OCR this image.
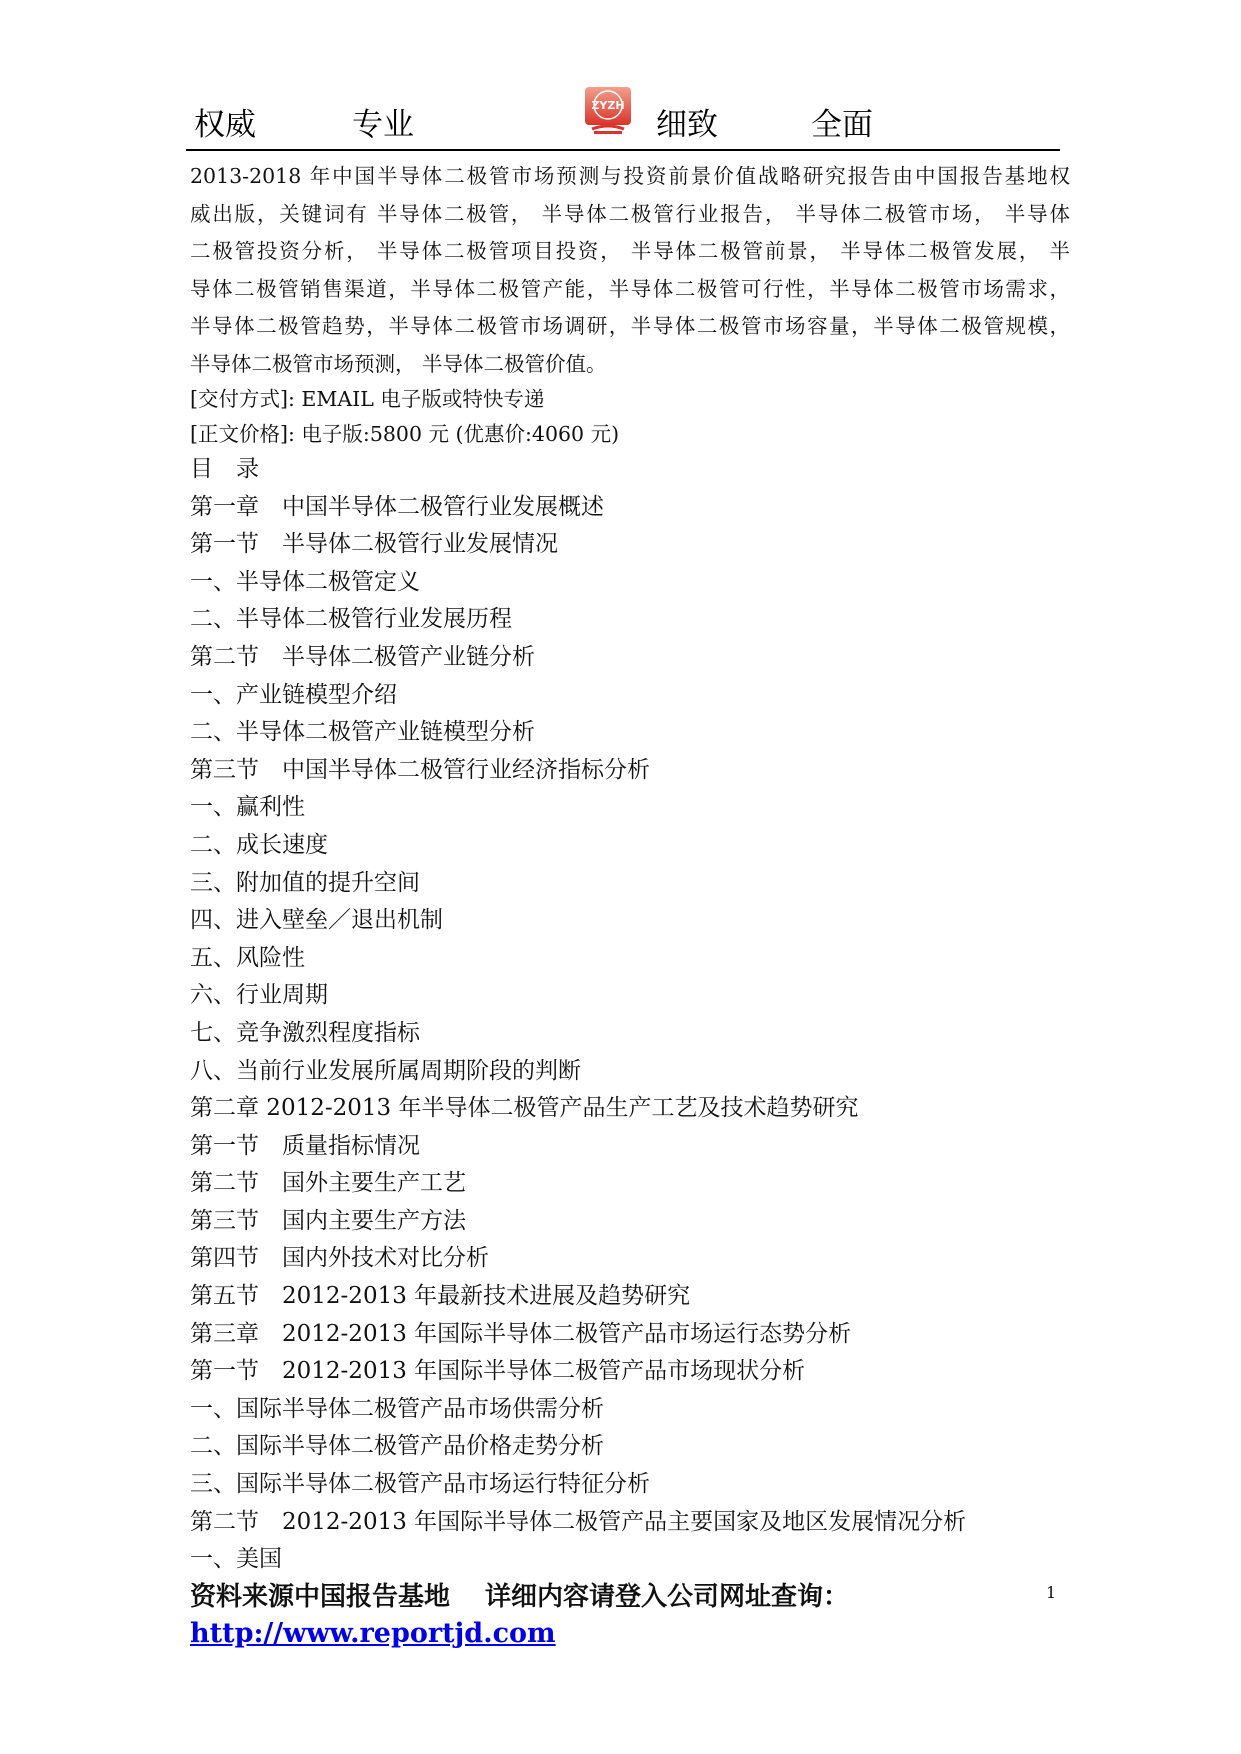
权威	专业
ZYZH
细致	全面
2013-2018 年中国半导体二极管市场预测与投资前景价值战略研究报告由中国报告基地权
威出版，关键词有 半导体二极管， 半导体二极管行业报告， 半导体二极管市场， 半导体
二极管投资分析， 半导体二极管项目投资， 半导体二极管前景， 半导体二极管发展， 半
导体二极管销售渠道，半导体二极管产能，半导体二极管可行性，半导体二极管市场需求，
半导体二极管趋势，半导体二极管市场调研，半导体二极管市场容量，半导体二极管规模，
半导体二极管市场预测， 半导体二极管价值。
[交付方式]: EMAIL 电子版或特快专递
[正文价格]: 电子版:5800 元 (优惠价:4060 元)
目　录
第一章　中国半导体二极管行业发展概述
第一节　半导体二极管行业发展情况
一、半导体二极管定义
二、半导体二极管行业发展历程
第二节　半导体二极管产业链分析
一、产业链模型介绍
二、半导体二极管产业链模型分析
第三节　中国半导体二极管行业经济指标分析
一、赢利性
二、成长速度
三、附加值的提升空间
四、进入壁垒／退出机制
五、风险性
六、行业周期
七、竞争激烈程度指标
八、当前行业发展所属周期阶段的判断
第二章 2012-2013 年半导体二极管产品生产工艺及技术趋势研究
第一节　质量指标情况
第二节　国外主要生产工艺
第三节　国内主要生产方法
第四节　国内外技术对比分析
第五节　2012-2013 年最新技术进展及趋势研究
第三章　2012-2013 年国际半导体二极管产品市场运行态势分析
第一节　2012-2013 年国际半导体二极管产品市场现状分析
一、国际半导体二极管产品市场供需分析
二、国际半导体二极管产品价格走势分析
三、国际半导体二极管产品市场运行特征分析
第二节　2012-2013 年国际半导体二极管产品主要国家及地区发展情况分析
一、美国
资料来源中国报告基地　 详细内容请登入公司网址查询：	1
http://www.reportjd.com
